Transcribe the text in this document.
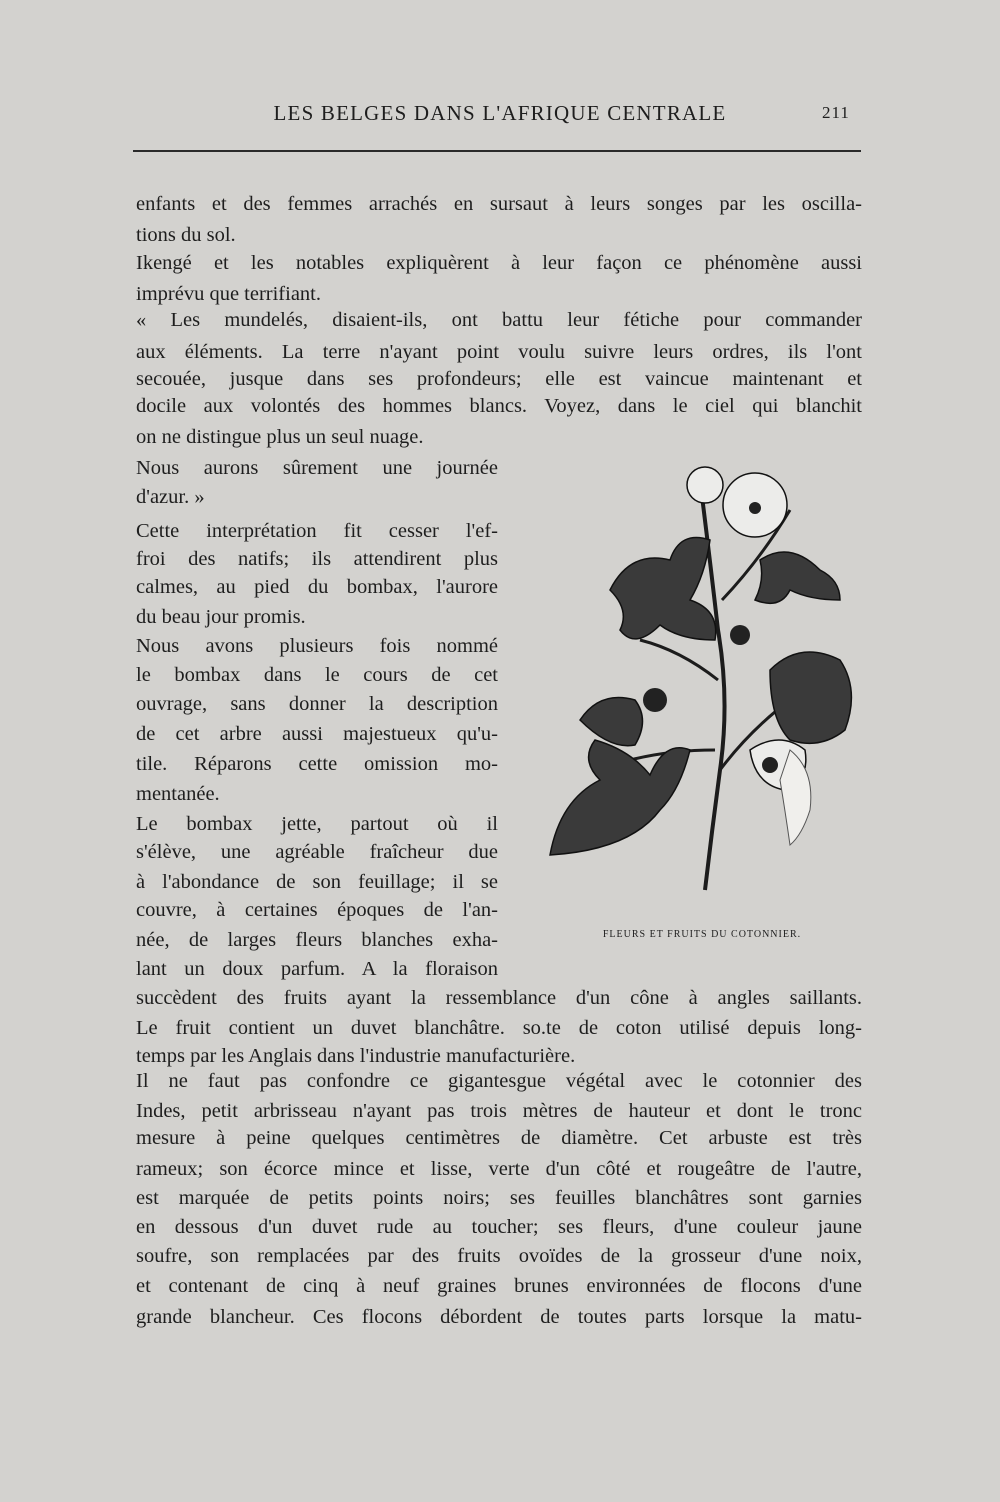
LES BELGES DANS L'AFRIQUE CENTRALE	211
enfants et des femmes arrachés en sursaut à leurs songes par les oscilla-
tions du sol.
Ikengé et les notables expliquèrent à leur façon ce phénomène aussi
imprévu que terrifiant.
« Les mundelés, disaient-ils, ont battu leur fétiche pour commander
aux éléments. La terre n'ayant point voulu suivre leurs ordres, ils l'ont
secouée, jusque dans ses profondeurs; elle est vaincue maintenant et
docile aux volontés des hommes blancs. Voyez, dans le ciel qui blanchit
on ne distingue plus un seul nuage.
Nous aurons sûrement une journée
d'azur. »
Cette interprétation fit cesser l'ef-
froi des natifs; ils attendirent plus
calmes, au pied du bombax, l'aurore
du beau jour promis.
Nous avons plusieurs fois nommé
le bombax dans le cours de cet
ouvrage, sans donner la description
de cet arbre aussi majestueux qu'u-
tile. Réparons cette omission mo-
mentanée.
Le bombax jette, partout où il
s'élève, une agréable fraîcheur due
à l'abondance de son feuillage; il se
couvre, à certaines époques de l'an-
née, de larges fleurs blanches exha-
lant un doux parfum. A la floraison
succèdent des fruits ayant la ressemblance d'un cône à angles saillants.
Le fruit contient un duvet blanchâtre. so.te de coton utilisé depuis long-
temps par les Anglais dans l'industrie manufacturière.
Il ne faut pas confondre ce gigantesgue végétal avec le cotonnier des
Indes, petit arbrisseau n'ayant pas trois mètres de hauteur et dont le tronc
mesure à peine quelques centimètres de diamètre. Cet arbuste est très
rameux; son écorce mince et lisse, verte d'un côté et rougeâtre de l'autre,
est marquée de petits points noirs; ses feuilles blanchâtres sont garnies
en dessous d'un duvet rude au toucher; ses fleurs, d'une couleur jaune
soufre, son remplacées par des fruits ovoïdes de la grosseur d'une noix,
et contenant de cinq à neuf graines brunes environnées de flocons d'une
grande blancheur. Ces flocons débordent de toutes parts lorsque la matu-
FLEURS ET FRUITS DU COTONNIER.
